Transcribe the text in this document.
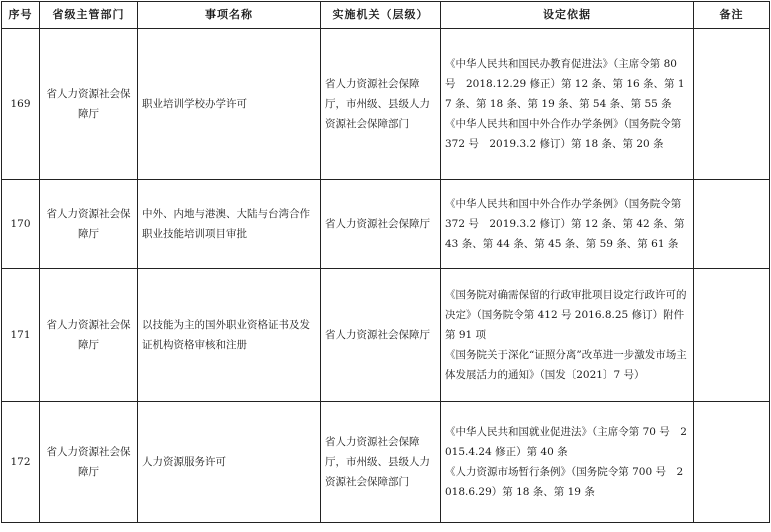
序号	省级主管部门	事项名称	实施机关（层级）	设定依据	备注
169	省人力资源社会保障厅	职业培训学校办学许可	省人力资源社会保障厅，市州级、县级人力资源社会保障部门	《中华人民共和国民办教育促进法》（主席令第 80 号　2018.12.29 修正）第 12 条、第 16 条、第 17 条、第 18 条、第 19 条、第 54 条、第 55 条
《中华人民共和国中外合作办学条例》（国务院令第 372 号　2019.3.2 修订）第 18 条、第 20 条	

170	省人力资源社会保障厅	中外、内地与港澳、大陆与台湾合作职业技能培训项目审批	省人力资源社会保障厅	《中华人民共和国中外合作办学条例》（国务院令第 372 号　2019.3.2 修订）第 12 条、第 42 条、第 43 条、第 44 条、第 45 条、第 59 条、第 61 条	

171	省人力资源社会保障厅	以技能为主的国外职业资格证书及发证机构资格审核和注册	省人力资源社会保障厅	《国务院对确需保留的行政审批项目设定行政许可的决定》（国务院令第 412 号 2016.8.25 修订）附件第 91 项
《国务院关于深化“证照分离”改革进一步激发市场主体发展活力的通知》（国发〔2021〕7 号）	

172	省人力资源社会保障厅	人力资源服务许可	省人力资源社会保障厅，市州级、县级人力资源社会保障部门	《中华人民共和国就业促进法》（主席令第 70 号　2015.4.24 修正）第 40 条
《人力资源市场暂行条例》（国务院令第 700 号　2018.6.29）第 18 条、第 19 条	
